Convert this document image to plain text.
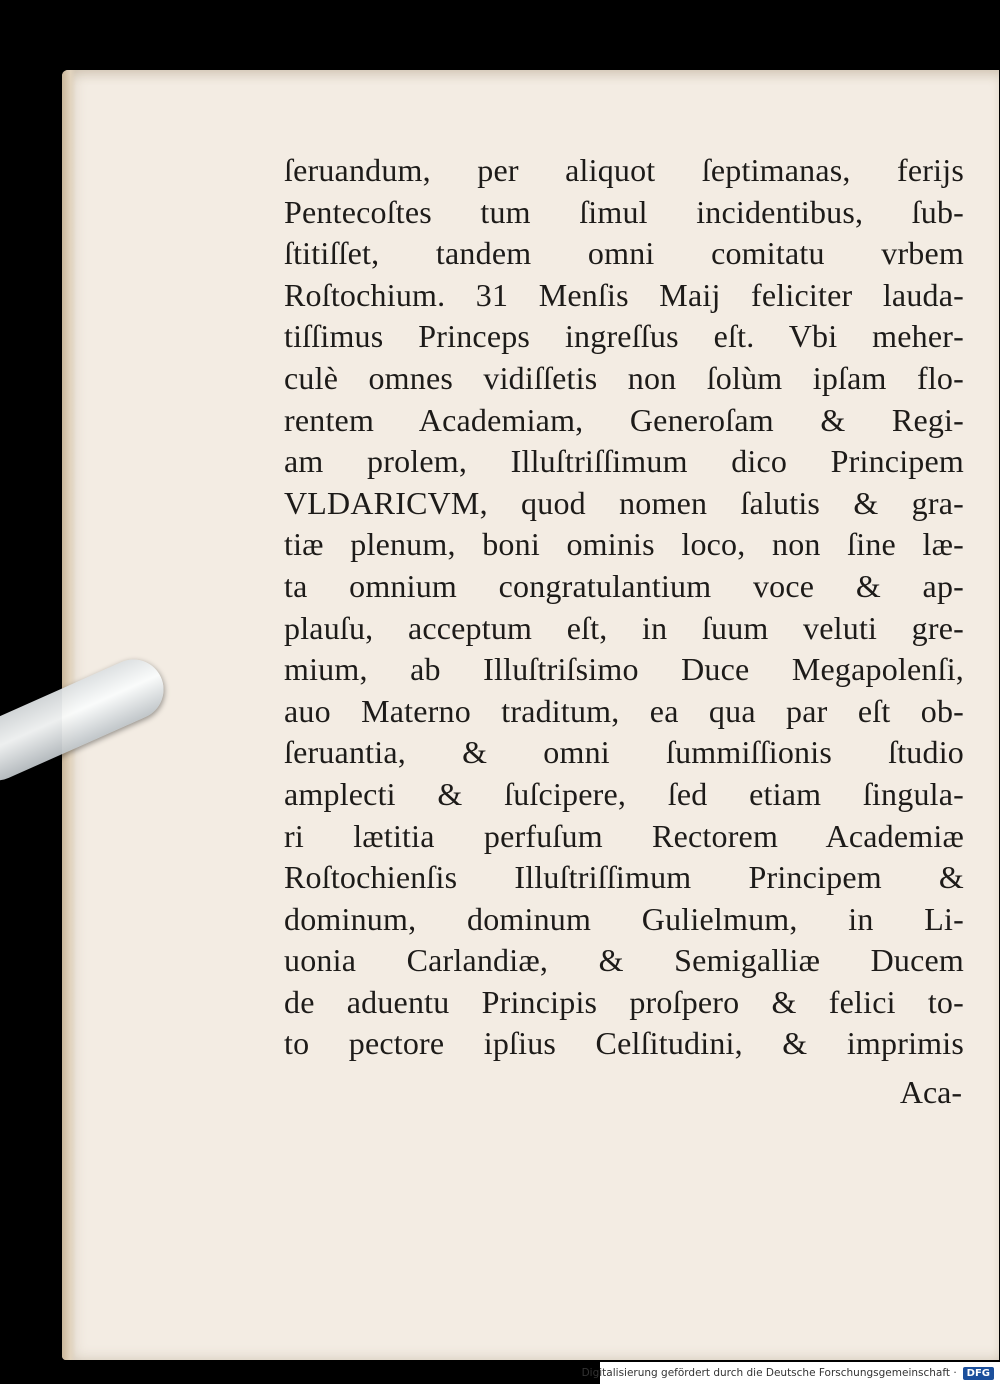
ſeruandum, per aliquot ſeptimanas, ferijs
Pentecoſtes tum ſimul incidentibus, ſub‑
ſtitiſſet, tandem omni comitatu vrbem
Roſtochium. 31 Menſis Maij feliciter lauda‑
tiſſimus Princeps ingreſſus eſt. Vbi meher‑
culè omnes vidiſſetis non ſolùm ipſam flo‑
rentem Academiam, Generoſam & Regi‑
am prolem, Illuſtriſſimum dico Principem
VLDARICVM, quod nomen ſalutis & gra‑
tiæ plenum, boni ominis loco, non ſine læ‑
ta omnium congratulantium voce & ap‑
plauſu, acceptum eſt, in ſuum veluti gre‑
mium, ab Illuſtriſsimo Duce Megapolenſi,
auo Materno traditum, ea qua par eſt ob‑
ſeruantia, & omni ſummiſſionis ſtudio
amplecti & ſuſcipere, ſed etiam ſingula‑
ri lætitia perfuſum Rectorem Academiæ
Roſtochienſis Illuſtriſſimum Principem &
dominum, dominum Gulielmum, in Li‑
uonia Carlandiæ, & Semigalliæ Ducem
de aduentu Principis proſpero & felici to‑
to pectore ipſius Celſitudini, & imprimis
Aca‑
Digitalisierung gefördert durch die Deutsche Forschungsgemeinschaft ·	DFG
